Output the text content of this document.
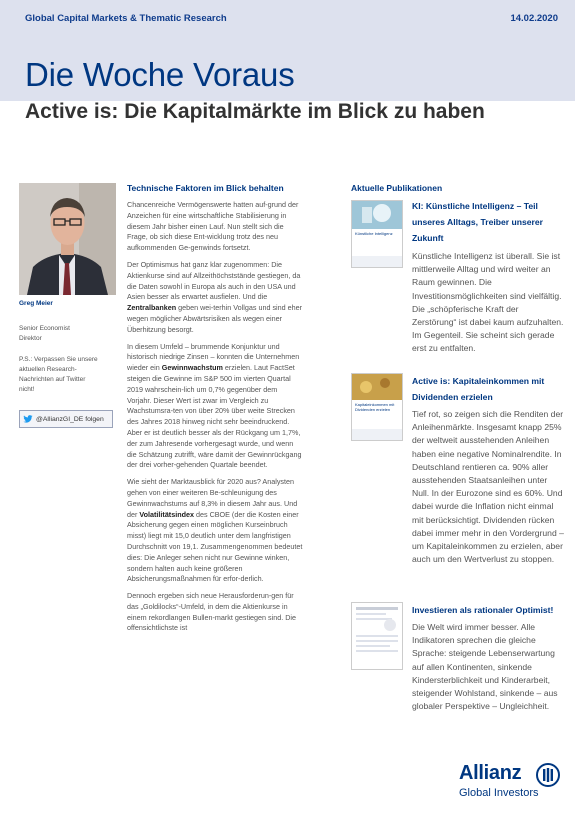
Global Capital Markets & Thematic Research	14.02.2020
Die Woche Voraus
Active is: Die Kapitalmärkte im Blick zu haben
Greg Meier
Senior Economist
Direktor
P.S.: Verpassen Sie unsere
aktuellen Research-
Nachrichten auf Twitter
nicht!
@AllianzGI_DE folgen
Technische Faktoren im Blick behalten

Chancenreiche Vermögenswerte hatten auf-grund der Anzeichen für eine wirtschaftliche Stabilisierung in diesem Jahr bisher einen Lauf. Nun stellt sich die Frage, ob sich diese Ent-wicklung trotz des neu aufkommenden Ge-genwinds fortsetzt.

Der Optimismus hat ganz klar zugenommen: Die Aktienkurse sind auf Allzeithöchststände gestiegen, da die Daten sowohl in Europa als auch in den USA und Asien besser als erwartet ausfielen. Und die Zentralbanken geben wei-terhin Vollgas und sind eher wegen möglicher Abwärtsrisiken als wegen einer Überhitzung besorgt.

In diesem Umfeld – brummende Konjunktur und historisch niedrige Zinsen – konnten die Unternehmen wieder ein Gewinnwachstum erzielen. Laut FactSet steigen die Gewinne im S&P 500 im vierten Quartal 2019 wahrschein-lich um 0,7% gegenüber dem Vorjahr. Dieser Wert ist zwar im Vergleich zu Wachstumsra-ten von über 20% über weite Strecken des Jahres 2018 hinweg nicht sehr beeindruckend. Aber er ist deutlich besser als der Rückgang um 1,7%, der zum Jahresende vorhergesagt wurde, und wenn die Schätzung zutrifft, wäre damit der Gewinnrückgang der drei vorher-gehenden Quartale beendet.

Wie sieht der Marktausblick für 2020 aus? Analysten gehen von einer weiteren Be-schleunigung des Gewinnwachstums auf 8,3% in diesem Jahr aus. Und der Volatilitätsindex des CBOE (der die Kosten einer Absicherung gegen einen möglichen Kurseinbruch misst) liegt mit 15,0 deutlich unter dem langfristigen Durchschnitt von 19,1. Zusammengenommen bedeutet dies: Die Anleger sehen nicht nur Gewinne winken, sondern halten auch keine größeren Absicherungsmaßnahmen für erfor-derlich.

Dennoch ergeben sich neue Herausforderun-gen für das „Goldilocks“-Umfeld, in dem die Aktienkurse in einem rekordlangen Bullen-markt gestiegen sind. Die offensichtlichste ist

Aktuelle Publikationen
Künstliche Intelligenz
KI: Künstliche Intelligenz – Teil
unseres Alltags, Treiber unserer
Zukunft
Künstliche Intelligenz ist überall. Sie ist mittlerweile Alltag und wird weiter an Raum gewinnen. Die Investitionsmöglichkeiten sind vielfältig. Die „schöpferische Kraft der Zerstörung“ ist dabei kaum aufzuhalten. Im Gegenteil. Sie scheint sich gerade erst zu entfalten.
Kapitaleinkommen mit Dividenden erzielen
Active is: Kapitaleinkommen mit
Dividenden erzielen
Tief rot, so zeigen sich die Renditen der Anleihenmärkte. Insgesamt knapp 25% der weltweit ausstehenden Anleihen haben eine negative Nominalrendite. In Deutschland rentieren ca. 90% aller ausstehenden Staatsanleihen unter Null. In der Eurozone sind es 60%. Und dabei wurde die Inflation nicht einmal mit berücksichtigt. Dividenden rücken dabei immer mehr in den Vordergrund – um Kapitaleinkommen zu erzielen, aber auch um den Wertverlust zu stoppen.
Investieren als rationaler Optimist!
Die Welt wird immer besser. Alle Indikatoren sprechen die gleiche Sprache: steigende Lebenserwartung auf allen Kontinenten, sinkende Kindersterblichkeit und Kinderarbeit, steigender Wohlstand, sinkende – aus globaler Perspektive – Ungleichheit.
Allianz
Global Investors
